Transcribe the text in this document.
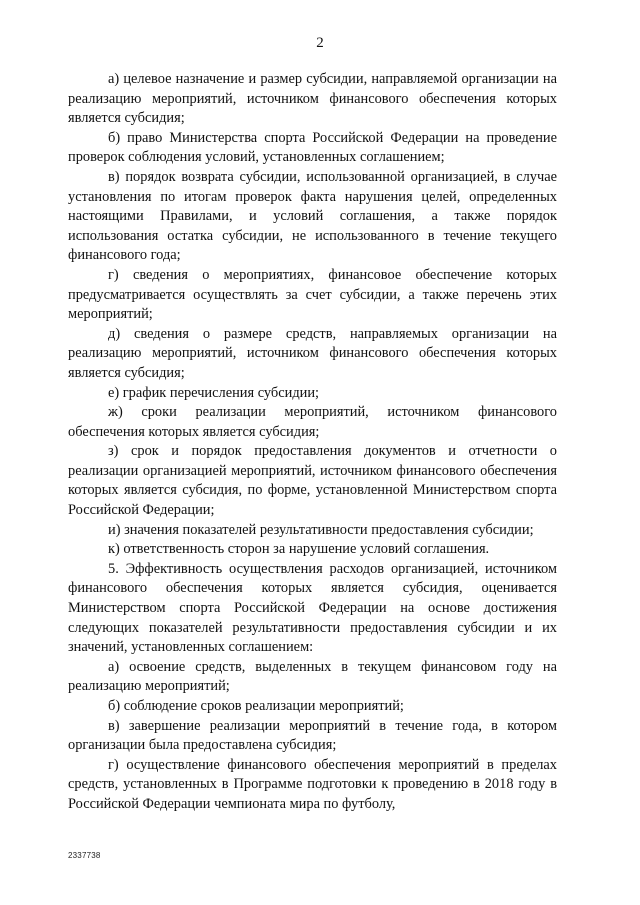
2

а) целевое назначение и размер субсидии, направляемой организации на реализацию мероприятий, источником финансового обеспечения которых является субсидия;

б) право Министерства спорта Российской Федерации на проведение проверок соблюдения условий, установленных соглашением;

в) порядок возврата субсидии, использованной организацией, в случае установления по итогам проверок факта нарушения целей, определенных настоящими Правилами, и условий соглашения, а также порядок использования остатка субсидии, не использованного в течение текущего финансового года;

г) сведения о мероприятиях, финансовое обеспечение которых предусматривается осуществлять за счет субсидии, а также перечень этих мероприятий;

д) сведения о размере средств, направляемых организации на реализацию мероприятий, источником финансового обеспечения которых является субсидия;

е) график перечисления субсидии;

ж) сроки реализации мероприятий, источником финансового обеспечения которых является субсидия;

з) срок и порядок предоставления документов и отчетности о реализации организацией мероприятий, источником финансового обеспечения которых является субсидия, по форме, установленной Министерством спорта Российской Федерации;

и) значения показателей результативности предоставления субсидии;

к) ответственность сторон за нарушение условий соглашения.

5. Эффективность осуществления расходов организацией, источником финансового обеспечения которых является субсидия, оценивается Министерством спорта Российской Федерации на основе достижения следующих показателей результативности предоставления субсидии и их значений, установленных соглашением:

а) освоение средств, выделенных в текущем финансовом году на реализацию мероприятий;

б) соблюдение сроков реализации мероприятий;

в) завершение реализации мероприятий в течение года, в котором организации была предоставлена субсидия;

г) осуществление финансового обеспечения мероприятий в пределах средств, установленных в Программе подготовки к проведению в 2018 году в Российской Федерации чемпионата мира по футболу,

2337738
